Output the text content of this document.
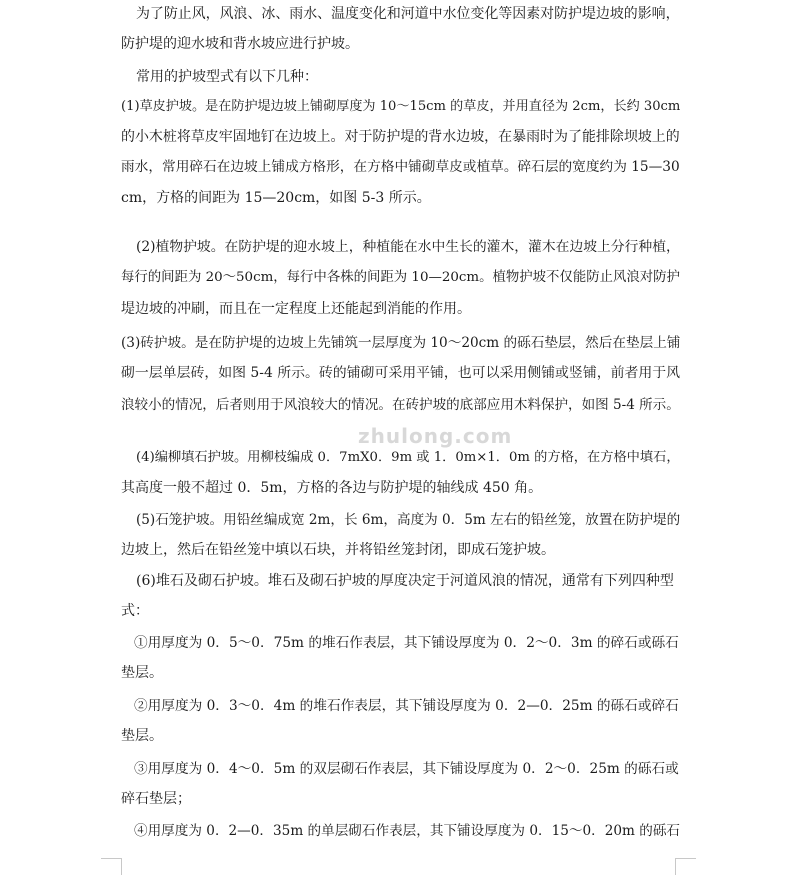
为了防止风，风浪、冰、雨水、温度变化和河道中水位变化等因素对防护堤边坡的影响，
防护堤的迎水坡和背水坡应进行护坡。
常用的护坡型式有以下几种：
(1)草皮护坡。是在防护堤边坡上铺砌厚度为 10～15cm 的草皮，并用直径为 2cm，长约 30cm
的小木桩将草皮牢固地钉在边坡上。对于防护堤的背水边坡，在暴雨时为了能排除坝坡上的
雨水，常用碎石在边坡上铺成方格形，在方格中铺砌草皮或植草。碎石层的宽度约为 15—30
cm，方格的间距为 15—20cm，如图 5-3 所示。
(2)植物护坡。在防护堤的迎水坡上，种植能在水中生长的灌木，灌木在边坡上分行种植，
每行的间距为 20～50cm，每行中各株的间距为 10—20cm。植物护坡不仅能防止风浪对防护
堤边坡的冲刷，而且在一定程度上还能起到消能的作用。
(3)砖护坡。是在防护堤的边坡上先铺筑一层厚度为 10～20cm 的砾石垫层，然后在垫层上铺
砌一层单层砖，如图 5-4 所示。砖的铺砌可采用平铺，也可以采用侧铺或竖铺，前者用于风
浪较小的情况，后者则用于风浪较大的情况。在砖护坡的底部应用木料保护，如图 5-4 所示。
(4)编柳填石护坡。用柳枝编成 0．7mX0．9m 或 1．0m×1．0m 的方格，在方格中填石，
其高度一般不超过 0．5m，方格的各边与防护堤的轴线成 450 角。
(5)石笼护坡。用铅丝编成宽 2m，长 6m，高度为 0．5m 左右的铅丝笼，放置在防护堤的
边坡上，然后在铅丝笼中填以石块，并将铅丝笼封闭，即成石笼护坡。
(6)堆石及砌石护坡。堆石及砌石护坡的厚度决定于河道风浪的情况，通常有下列四种型
式：
①用厚度为 0．5～0．75m 的堆石作表层，其下铺设厚度为 0．2～0．3m 的碎石或砾石
垫层。
②用厚度为 0．3～0．4m 的堆石作表层，其下铺设厚度为 0．2—0．25m 的砾石或碎石
垫层。
③用厚度为 0．4～0．5m 的双层砌石作表层，其下铺设厚度为 0．2～0．25m 的砾石或
碎石垫层；
④用厚度为 0．2—0．35m 的单层砌石作表层，其下铺设厚度为 0．15～0．20m 的砾石
zhulong.com
